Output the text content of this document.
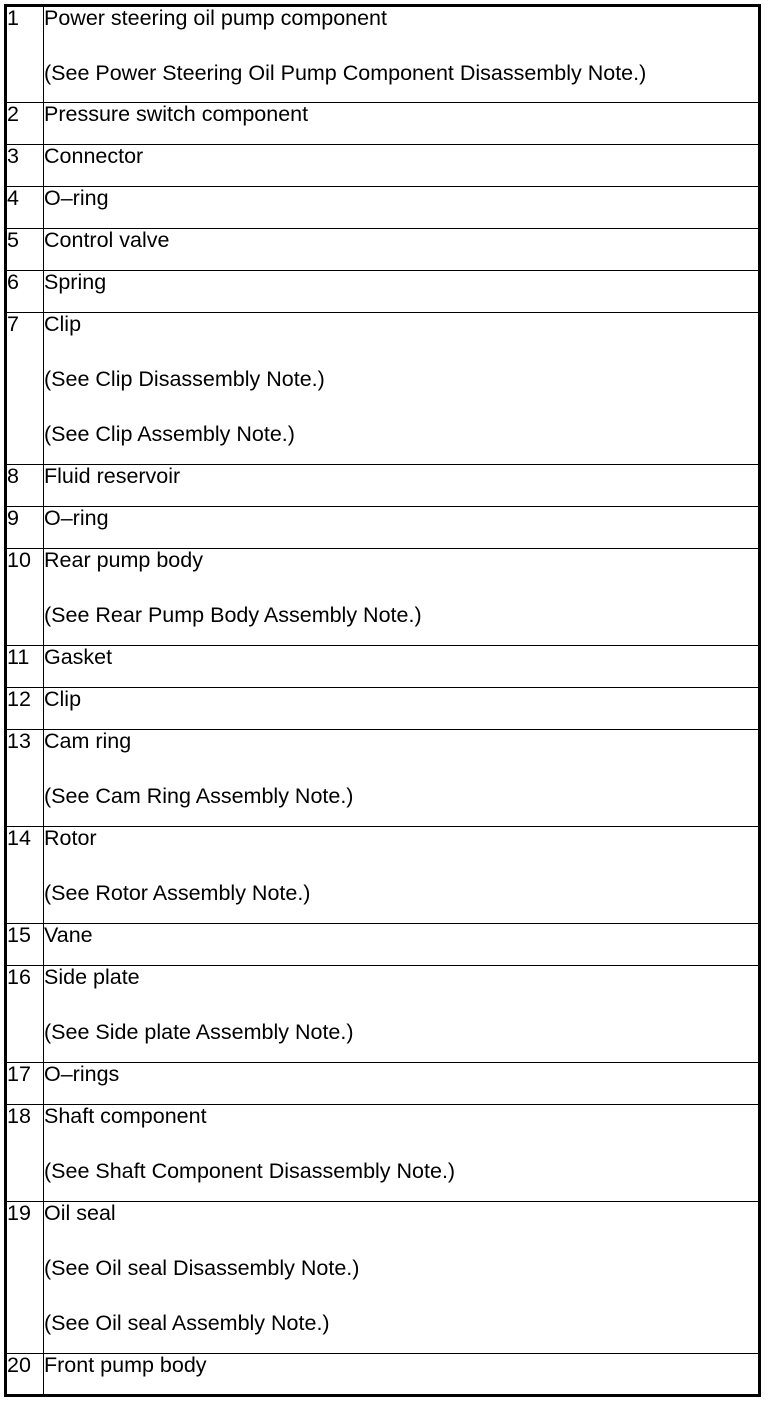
1	Power steering oil pump component
(See Power Steering Oil Pump Component Disassembly Note.)

2	Pressure switch component

3	Connector

4	O–ring

5	Control valve

6	Spring

7	Clip
(See Clip Disassembly Note.)
(See Clip Assembly Note.)

8	Fluid reservoir

9	O–ring

10	Rear pump body
(See Rear Pump Body Assembly Note.)

11	Gasket

12	Clip

13	Cam ring
(See Cam Ring Assembly Note.)

14	Rotor
(See Rotor Assembly Note.)

15	Vane

16	Side plate
(See Side plate Assembly Note.)

17	O–rings

18	Shaft component
(See Shaft Component Disassembly Note.)

19	Oil seal
(See Oil seal Disassembly Note.)
(See Oil seal Assembly Note.)

20	Front pump body
